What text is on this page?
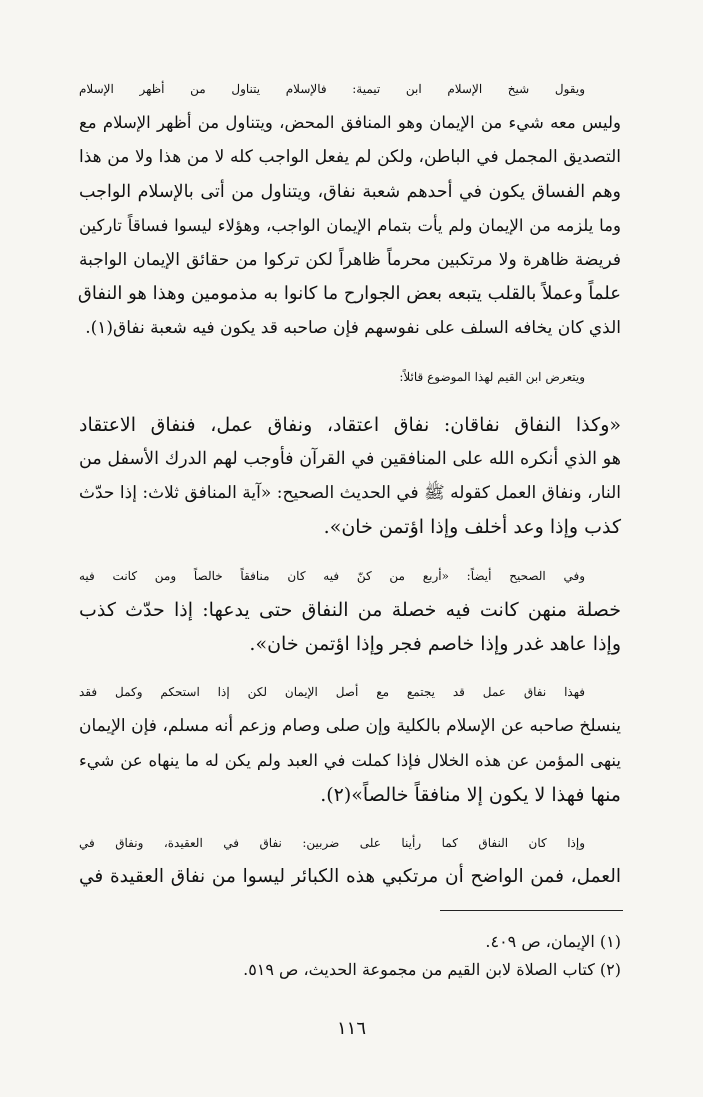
ويقول شيخ الإسلام ابن تيمية: فالإسلام يتناول من أظهر الإسلام
وليس معه شيء من الإيمان وهو المنافق المحض، ويتناول من أظهر الإسلام مع
التصديق المجمل في الباطن، ولكن لم يفعل الواجب كله لا من هذا ولا من هذا
وهم الفساق يكون في أحدهم شعبة نفاق، ويتناول من أتى بالإسلام الواجب
وما يلزمه من الإيمان ولم يأت بتمام الإيمان الواجب، وهؤلاء ليسوا فساقاً تاركين
فريضة ظاهرة ولا مرتكبين محرماً ظاهراً لكن تركوا من حقائق الإيمان الواجبة
علماً وعملاً بالقلب يتبعه بعض الجوارح ما كانوا به مذمومين وهذا هو النفاق
الذي كان يخافه السلف على نفوسهم فإن صاحبه قد يكون فيه شعبة نفاق(١).

ويتعرض ابن القيم لهذا الموضوع قائلاً:

«وكذا النفاق نفاقان: نفاق اعتقاد، ونفاق عمل، فنفاق الاعتقاد
هو الذي أنكره الله على المنافقين في القرآن فأوجب لهم الدرك الأسفل من
النار، ونفاق العمل كقوله ﷺ في الحديث الصحيح: «آية المنافق ثلاث: إذا حدّث
كذب وإذا وعد أخلف وإذا اؤتمن خان».

وفي الصحيح أيضاً: «أربع من كنّ فيه كان منافقاً خالصاً ومن كانت فيه
خصلة منهن كانت فيه خصلة من النفاق حتى يدعها: إذا حدّث كذب
وإذا عاهد غدر وإذا خاصم فجر وإذا اؤتمن خان».

فهذا نفاق عمل قد يجتمع مع أصل الإيمان لكن إذا استحكم وكمل فقد
ينسلخ صاحبه عن الإسلام بالكلية وإن صلى وصام وزعم أنه مسلم، فإن الإيمان
ينهى المؤمن عن هذه الخلال فإذا كملت في العبد ولم يكن له ما ينهاه عن شيء
منها فهذا لا يكون إلا منافقاً خالصاً»(٢).

وإذا كان النفاق كما رأينا على ضربين: نفاق في العقيدة، ونفاق في
العمل، فمن الواضح أن مرتكبي هذه الكبائر ليسوا من نفاق العقيدة في

(١) الإيمان، ص ٤٠٩.
(٢) كتاب الصلاة لابن القيم من مجموعة الحديث، ص ٥١٩.
١١٦
